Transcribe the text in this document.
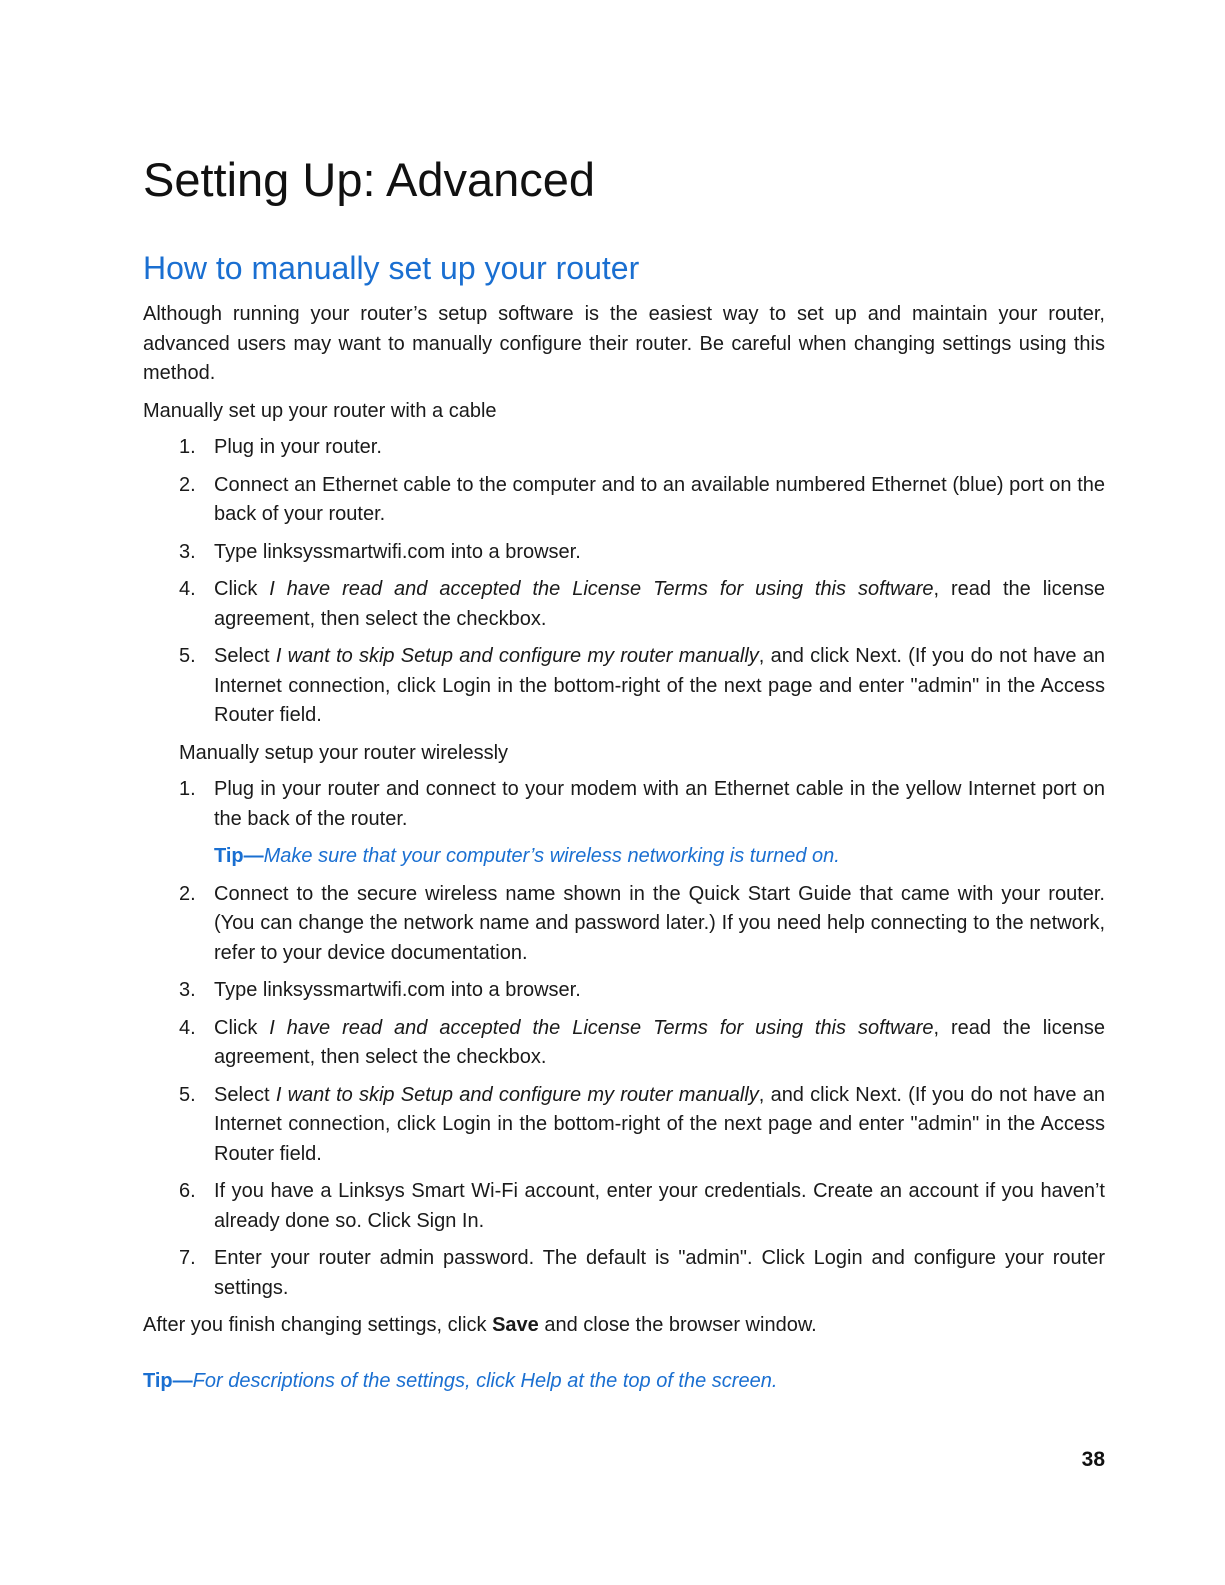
Setting Up: Advanced
How to manually set up your router

Although running your router’s setup software is the easiest way to set up and maintain your router, advanced users may want to manually configure their router. Be careful when changing settings using this method.

Manually set up your router with a cable
1. Plug in your router.
2. Connect an Ethernet cable to the computer and to an available numbered Ethernet (blue) port on the back of your router.
3. Type linksyssmartwifi.com into a browser.
4. Click I have read and accepted the License Terms for using this software, read the license agreement, then select the checkbox.
5. Select I want to skip Setup and configure my router manually, and click Next. (If you do not have an Internet connection, click Login in the bottom-right of the next page and enter "admin" in the Access Router field.
Manually setup your router wirelessly
1. Plug in your router and connect to your modem with an Ethernet cable in the yellow Internet port on the back of the router.
Tip—Make sure that your computer’s wireless networking is turned on.
2. Connect to the secure wireless name shown in the Quick Start Guide that came with your router. (You can change the network name and password later.) If you need help connecting to the network, refer to your device documentation.
3. Type linksyssmartwifi.com into a browser.
4. Click I have read and accepted the License Terms for using this software, read the license agreement, then select the checkbox.
5. Select I want to skip Setup and configure my router manually, and click Next. (If you do not have an Internet connection, click Login in the bottom-right of the next page and enter "admin" in the Access Router field.
6. If you have a Linksys Smart Wi-Fi account, enter your credentials. Create an account if you haven’t already done so. Click Sign In.
7. Enter your router admin password. The default is "admin". Click Login and configure your router settings.

After you finish changing settings, click Save and close the browser window.

Tip—For descriptions of the settings, click Help at the top of the screen.
38
